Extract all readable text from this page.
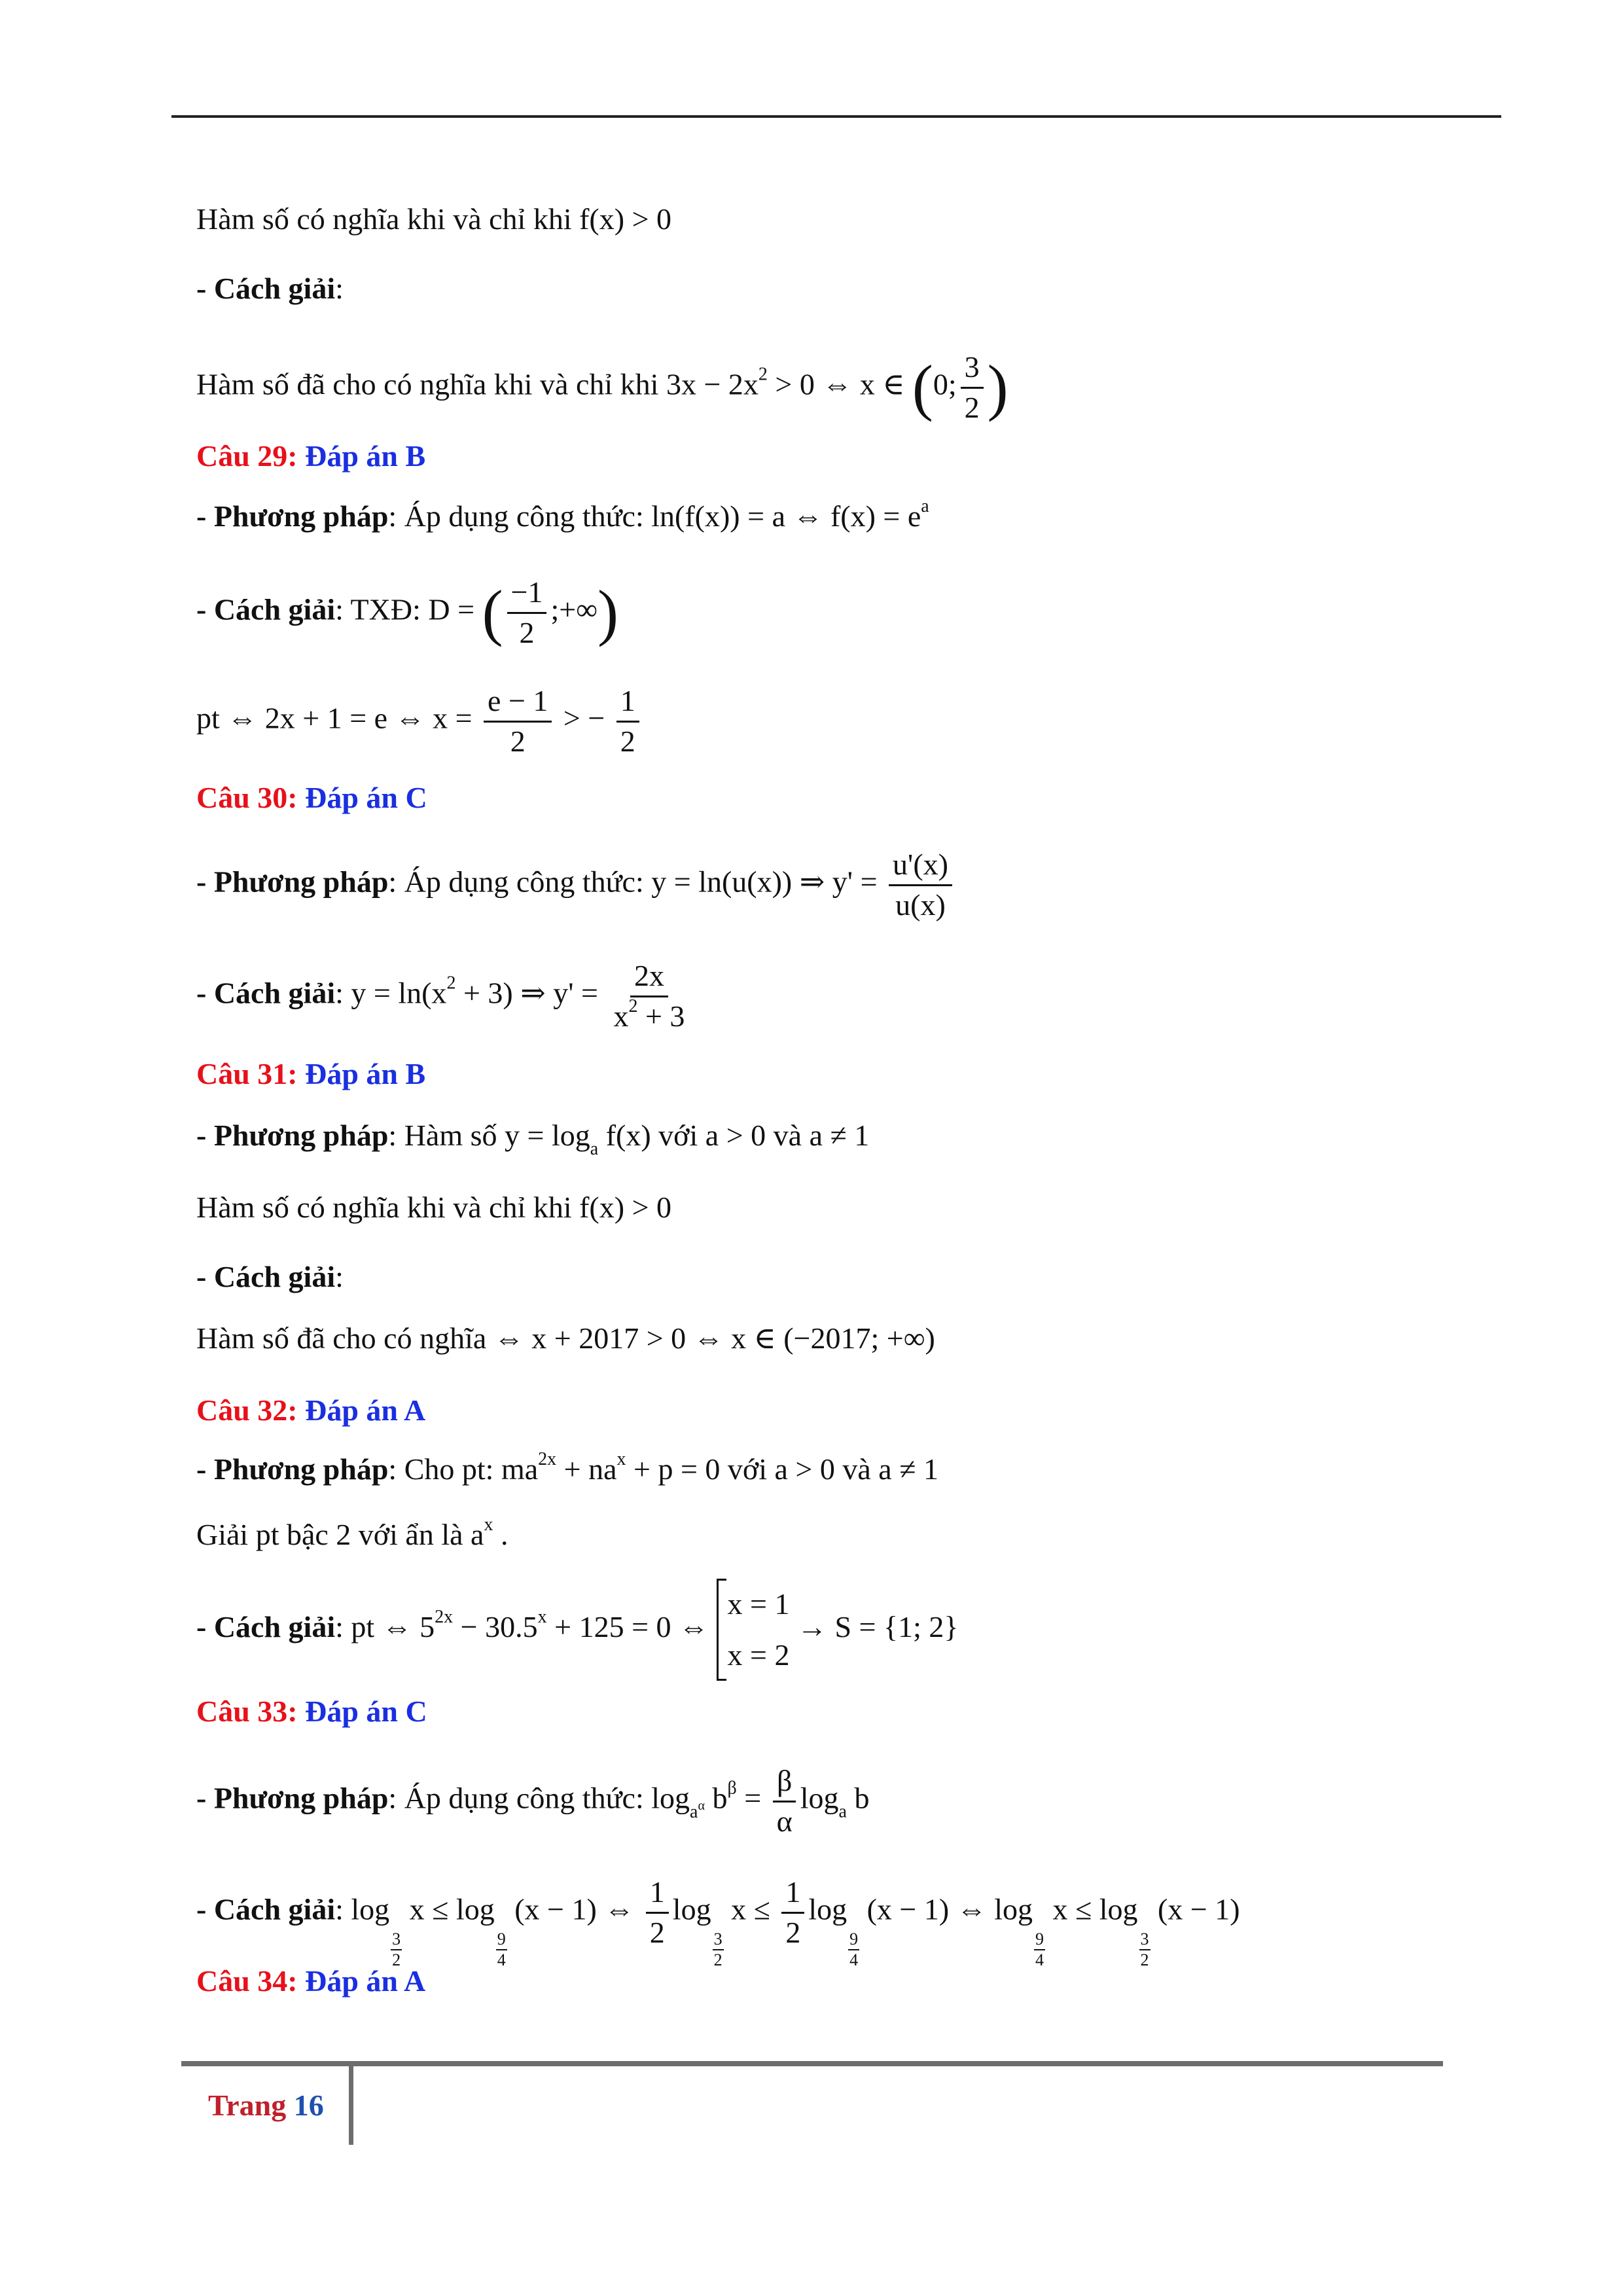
Hàm số có nghĩa khi và chỉ khi f(x) > 0
- Cách giải:
Hàm số đã cho có nghĩa khi và chỉ khi $3x - 2x^2 > 0$ ⇔ x ∈ (0; $\frac{3}{2}$ )
Câu 29: Đáp án B
- Phương pháp: Áp dụng công thức: ln(f(x)) = a ⇔ $f(x) = e^a$
- Cách giải: TXĐ: D = ( $\frac{-1}{2}$ ;+∞)
pt ⇔ 2x + 1 = e ⇔ $x = \frac{e - 1}{2}$ > − $\frac{1}{2}$
Câu 30: Đáp án C
- Phương pháp: Áp dụng công thức: y = ln(u(x)) ⇒ $y' = \frac{u'(x)}{u(x)}$
- Cách giải: $y = \ln(x^2 + 3)$ ⇒ $y' = \frac{2x}{x^2 + 3}$
Câu 31: Đáp án B
- Phương pháp: Hàm số $y = \log_a f(x)$ với a > 0 và a ≠ 1
Hàm số có nghĩa khi và chỉ khi f(x) > 0
- Cách giải:
Hàm số đã cho có nghĩa ⇔ x + 2017 > 0 ⇔ x ∈ (−2017; +∞)
Câu 32: Đáp án A
- Phương pháp: Cho pt: $ma^{2x} + na^x + p = 0$ với a > 0 và a ≠ 1
Giải pt bậc 2 với ẩn là $a^x$ .
- Cách giải: pt ⇔ $5^{2x} - 30.5^x + 125 = 0$ ⇔ x = 1
x = 2 → S = {1; 2}
Câu 33: Đáp án C
- Phương pháp: Áp dụng công thức: $\log_{a^\alpha} b^\beta = \frac{\beta}{\alpha} \log_a b$
- Cách giải: log
$\frac{3}{2}$
x ≤ log
$\frac{9}{4}$
(x − 1) ⇔ $\frac{1}{2}$ log
$\frac{3}{2}$
$x \le \frac{1}{2}$ log
$\frac{9}{4}$
(x − 1) ⇔ log
$\frac{9}{4}$
x ≤ log
$\frac{3}{2}$
(x − 1)
Câu 34: Đáp án A
Trang 16
